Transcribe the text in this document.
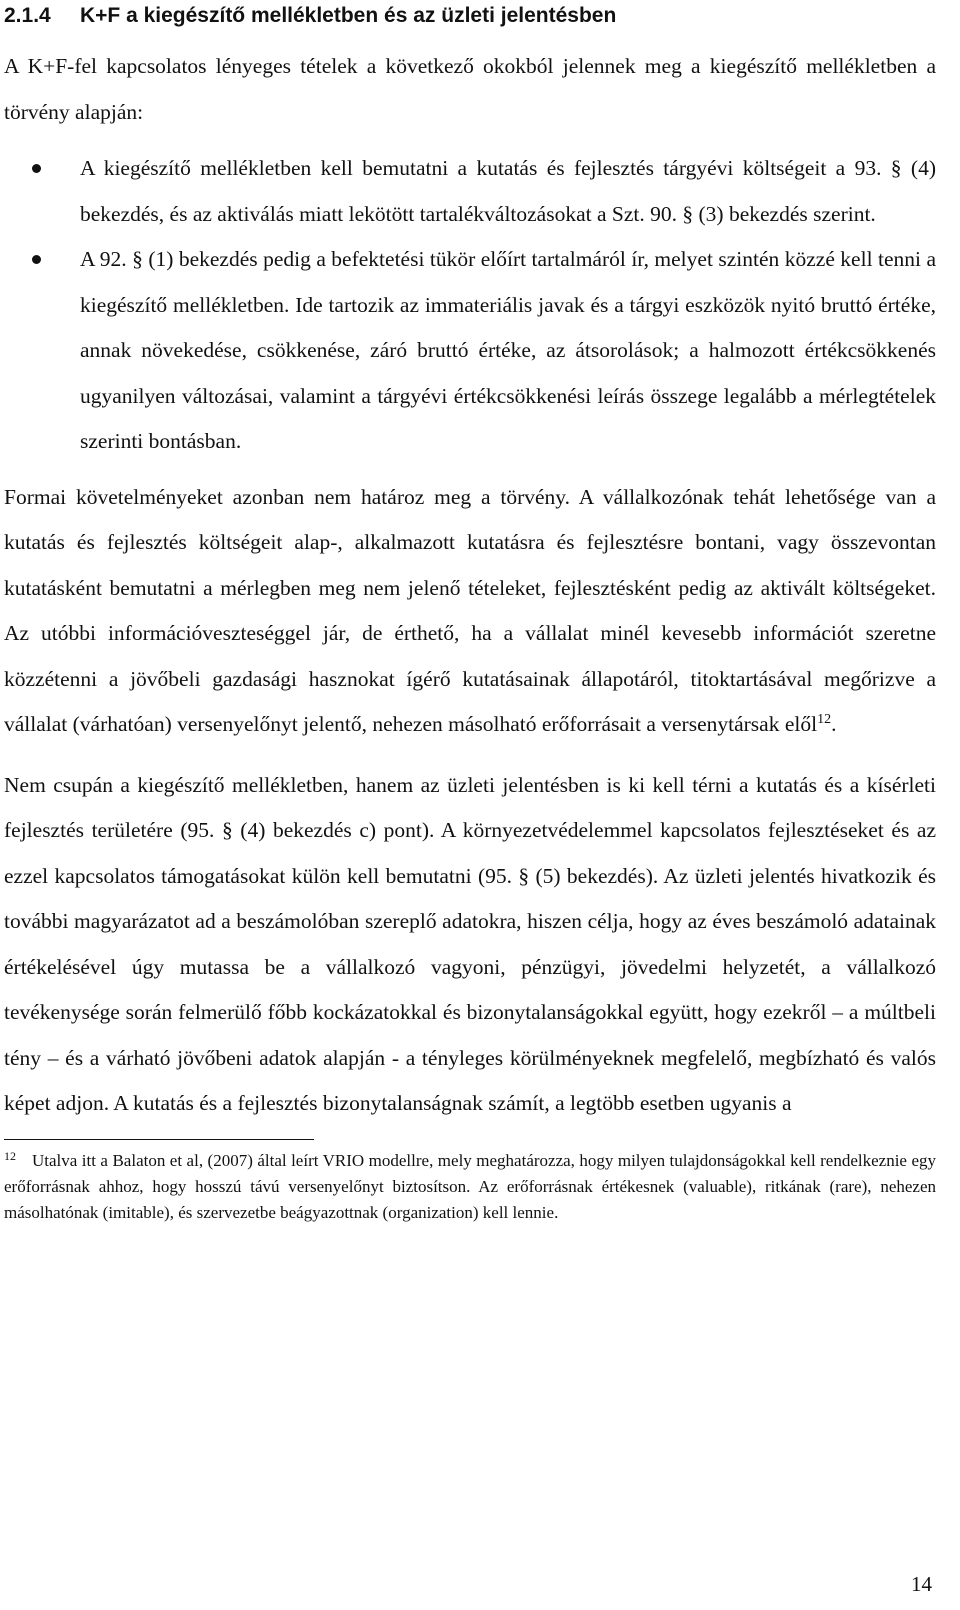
2.1.4 K+F a kiegészítő mellékletben és az üzleti jelentésben

A K+F-fel kapcsolatos lényeges tételek a következő okokból jelennek meg a kiegészítő mellékletben a törvény alapján:

A kiegészítő mellékletben kell bemutatni a kutatás és fejlesztés tárgyévi költségeit a 93. § (4) bekezdés, és az aktiválás miatt lekötött tartalékváltozásokat a Szt. 90. § (3) bekezdés szerint.
A 92. § (1) bekezdés pedig a befektetési tükör előírt tartalmáról ír, melyet szintén közzé kell tenni a kiegészítő mellékletben. Ide tartozik az immateriális javak és a tárgyi eszközök nyitó bruttó értéke, annak növekedése, csökkenése, záró bruttó értéke, az átsorolások; a halmozott értékcsökkenés ugyanilyen változásai, valamint a tárgyévi értékcsökkenési leírás összege legalább a mérlegtételek szerinti bontásban.

Formai követelményeket azonban nem határoz meg a törvény. A vállalkozónak tehát lehetősége van a kutatás és fejlesztés költségeit alap-, alkalmazott kutatásra és fejlesztésre bontani, vagy összevontan kutatásként bemutatni a mérlegben meg nem jelenő tételeket, fejlesztésként pedig az aktivált költségeket. Az utóbbi információveszteséggel jár, de érthető, ha a vállalat minél kevesebb információt szeretne közzétenni a jövőbeli gazdasági hasznokat ígérő kutatásainak állapotáról, titoktartásával megőrizve a vállalat (várhatóan) versenyelőnyt jelentő, nehezen másolható erőforrásait a versenytársak elől$^{12}$.

Nem csupán a kiegészítő mellékletben, hanem az üzleti jelentésben is ki kell térni a kutatás és a kísérleti fejlesztés területére (95. § (4) bekezdés c) pont). A környezetvédelemmel kapcsolatos fejlesztéseket és az ezzel kapcsolatos támogatásokat külön kell bemutatni (95. § (5) bekezdés). Az üzleti jelentés hivatkozik és további magyarázatot ad a beszámolóban szereplő adatokra, hiszen célja, hogy az éves beszámoló adatainak értékelésével úgy mutassa be a vállalkozó vagyoni, pénzügyi, jövedelmi helyzetét, a vállalkozó tevékenysége során felmerülő főbb kockázatokkal és bizonytalanságokkal együtt, hogy ezekről – a múltbeli tény – és a várható jövőbeni adatok alapján - a tényleges körülményeknek megfelelő, megbízható és valós képet adjon. A kutatás és a fejlesztés bizonytalanságnak számít, a legtöbb esetben ugyanis a

$^{12}$ Utalva itt a Balaton et al, (2007) által leírt VRIO modellre, mely meghatározza, hogy milyen tulajdonságokkal kell rendelkeznie egy erőforrásnak ahhoz, hogy hosszú távú versenyelőnyt biztosítson. Az erőforrásnak értékesnek (valuable), ritkának (rare), nehezen másolhatónak (imitable), és szervezetbe beágyazottnak (organization) kell lennie.

14
